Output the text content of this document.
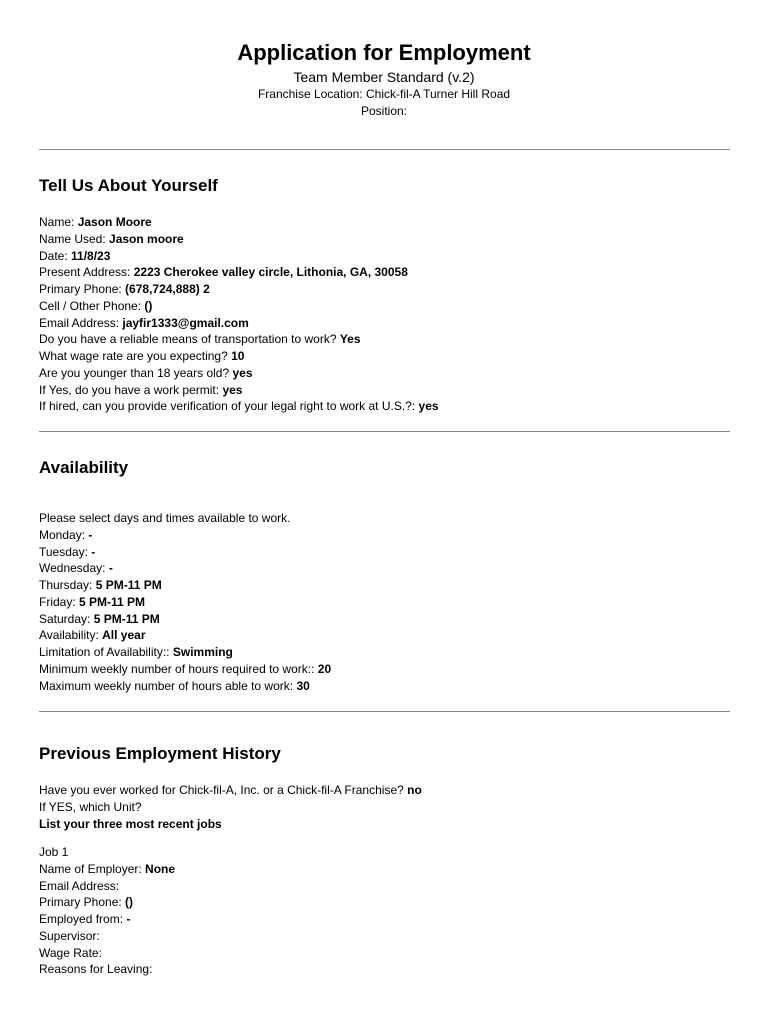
Application for Employment
Team Member Standard (v.2)
Franchise Location: Chick-fil-A Turner Hill Road
Position:
Tell Us About Yourself
Name: Jason Moore
Name Used: Jason moore
Date: 11/8/23
Present Address: 2223 Cherokee valley circle, Lithonia, GA, 30058
Primary Phone: (678,724,888) 2
Cell / Other Phone: ()
Email Address: jayfir1333@gmail.com
Do you have a reliable means of transportation to work? Yes
What wage rate are you expecting? 10
Are you younger than 18 years old? yes
If Yes, do you have a work permit: yes
If hired, can you provide verification of your legal right to work at U.S.?: yes
Availability
Please select days and times available to work.
Monday: -
Tuesday: -
Wednesday: -
Thursday: 5 PM-11 PM
Friday: 5 PM-11 PM
Saturday: 5 PM-11 PM
Availability: All year
Limitation of Availability:: Swimming
Minimum weekly number of hours required to work:: 20
Maximum weekly number of hours able to work: 30
Previous Employment History
Have you ever worked for Chick-fil-A, Inc. or a Chick-fil-A Franchise? no
If YES, which Unit?
List your three most recent jobs
Job 1
Name of Employer: None
Email Address:
Primary Phone: ()
Employed from: -
Supervisor:
Wage Rate:
Reasons for Leaving:
